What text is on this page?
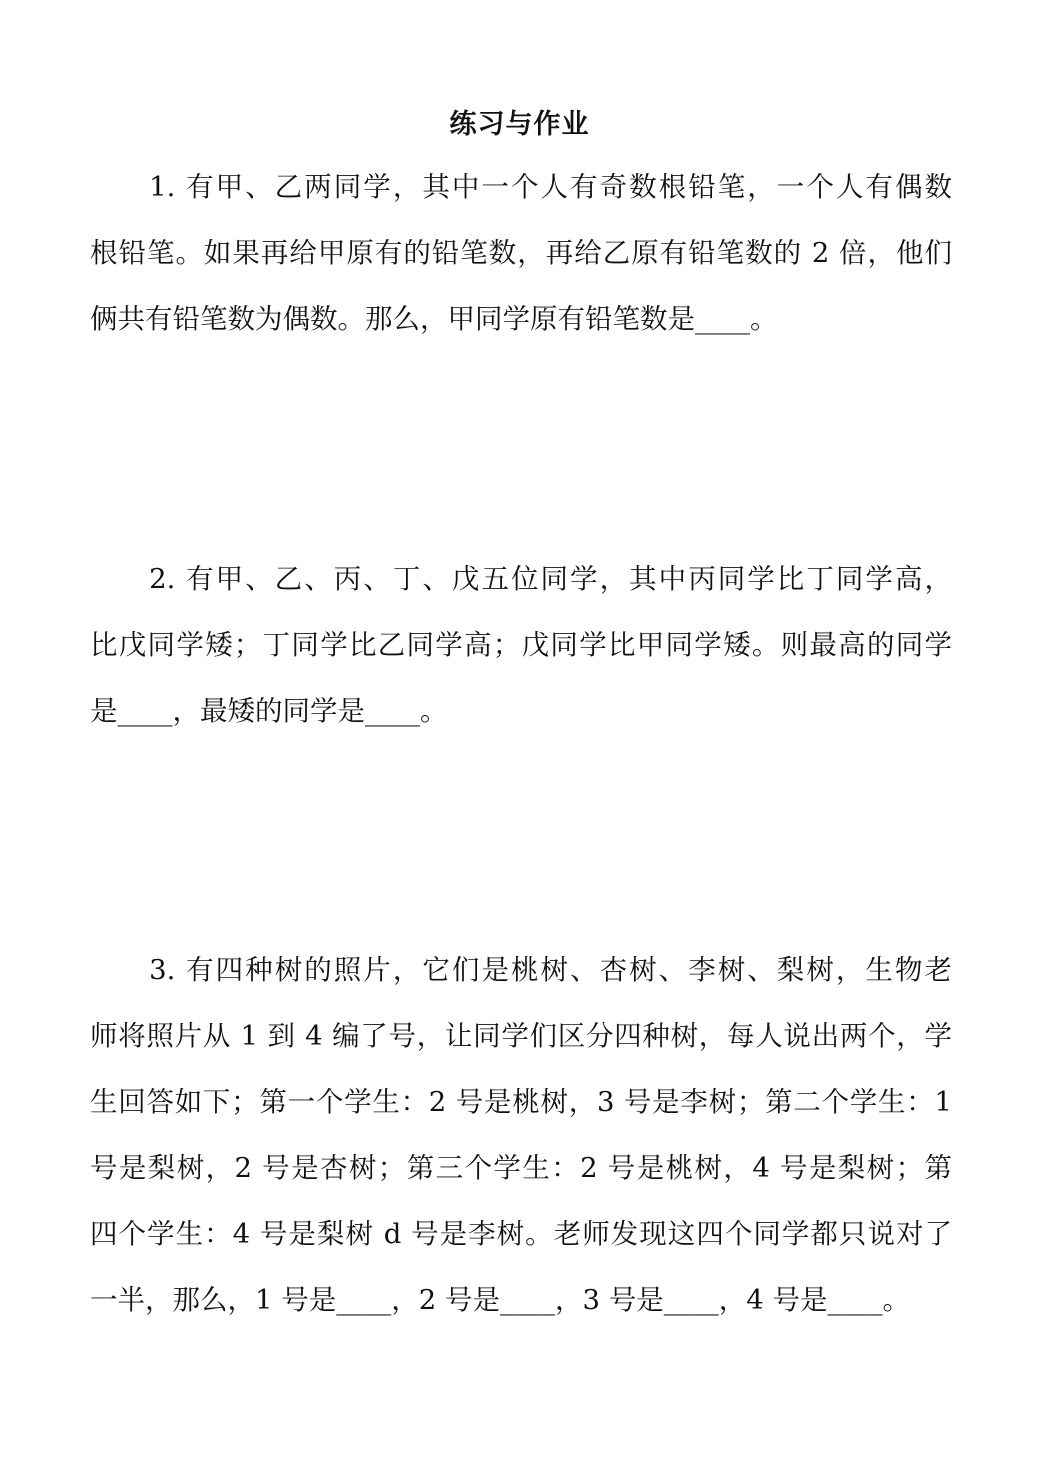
练习与作业
　　1. 有甲、乙两同学，其中一个人有奇数根铅笔，一个人有偶数
根铅笔。如果再给甲原有的铅笔数，再给乙原有铅笔数的 2 倍，他们
俩共有铅笔数为偶数。那么，甲同学原有铅笔数是____。
　　2. 有甲、乙、丙、丁、戊五位同学，其中丙同学比丁同学高，
比戊同学矮；丁同学比乙同学高；戊同学比甲同学矮。则最高的同学
是____，最矮的同学是____。
　　3. 有四种树的照片，它们是桃树、杏树、李树、梨树，生物老
师将照片从 1 到 4 编了号，让同学们区分四种树，每人说出两个，学
生回答如下；第一个学生：2 号是桃树，3 号是李树；第二个学生：1
号是梨树，2 号是杏树；第三个学生：2 号是桃树，4 号是梨树；第
四个学生：4 号是梨树 d 号是李树。老师发现这四个同学都只说对了
一半，那么，1 号是____，2 号是____，3 号是____，4 号是____。
